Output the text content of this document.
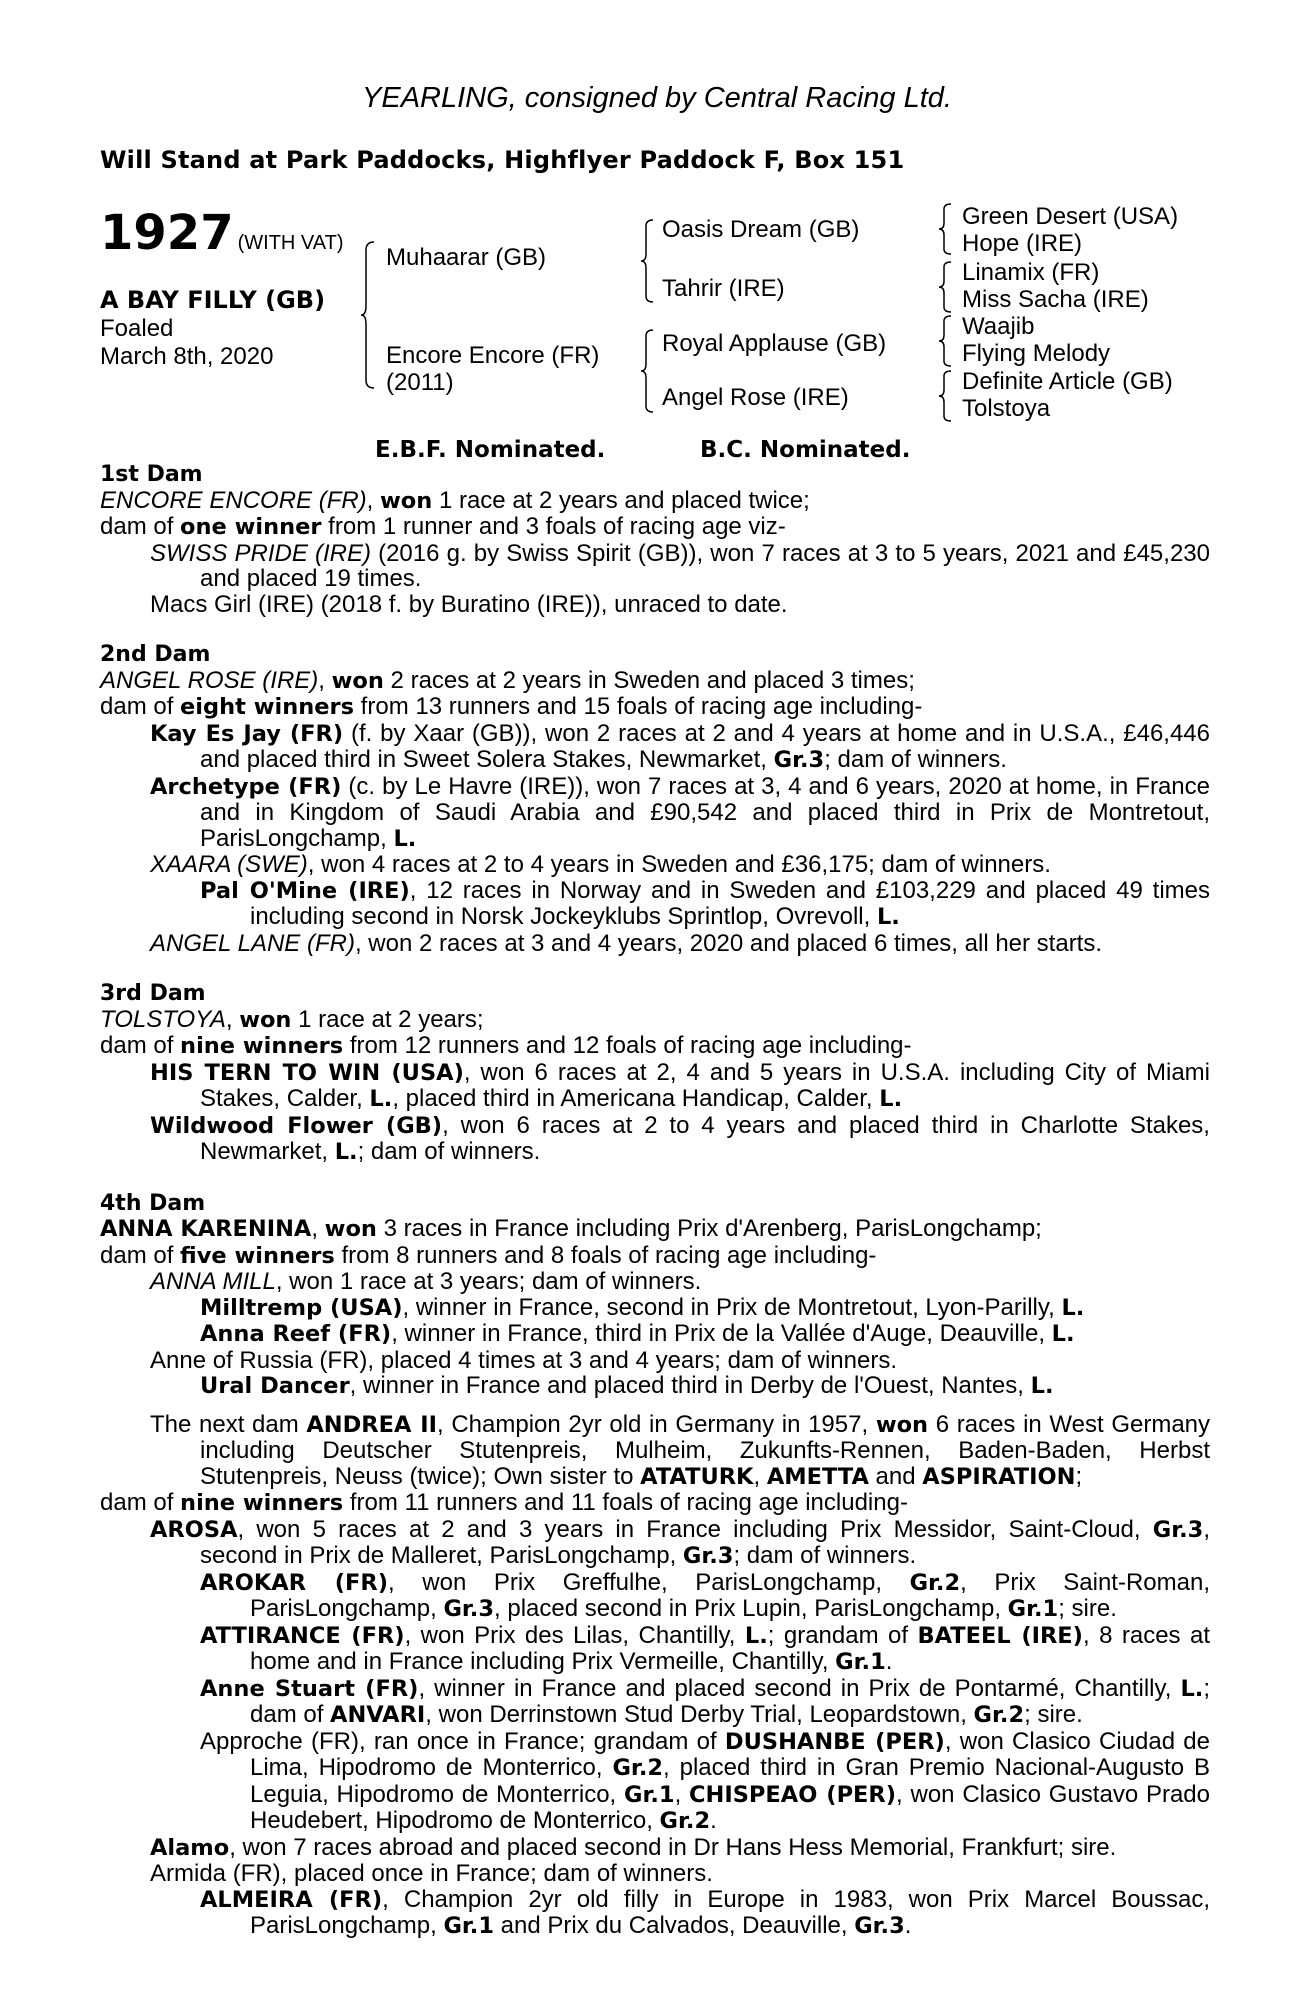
YEARLING, consigned by Central Racing Ltd.
Will Stand at Park Paddocks, Highflyer Paddock F, Box 151
1927 (WITH VAT)
A BAY FILLY (GB)
Foaled
March 8th, 2020
Muhaarar (GB)
Encore Encore (FR)
(2011)
Oasis Dream (GB)
Tahrir (IRE)
Royal Applause (GB)
Angel Rose (IRE)
Green Desert (USA)
Hope (IRE)
Linamix (FR)
Miss Sacha (IRE)
Waajib
Flying Melody
Definite Article (GB)
Tolstoya
E.B.F. Nominated.	B.C. Nominated.
1st Dam
ENCORE ENCORE (FR), won 1 race at 2 years and placed twice;
dam of one winner from 1 runner and 3 foals of racing age viz-
SWISS PRIDE (IRE) (2016 g. by Swiss Spirit (GB)), won 7 races at 3 to 5 years, 2021 and £45,230 and placed 19 times.
Macs Girl (IRE) (2018 f. by Buratino (IRE)), unraced to date.
2nd Dam
ANGEL ROSE (IRE), won 2 races at 2 years in Sweden and placed 3 times;
dam of eight winners from 13 runners and 15 foals of racing age including-
Kay Es Jay (FR) (f. by Xaar (GB)), won 2 races at 2 and 4 years at home and in U.S.A., £46,446 and placed third in Sweet Solera Stakes, Newmarket, Gr.3; dam of winners.
Archetype (FR) (c. by Le Havre (IRE)), won 7 races at 3, 4 and 6 years, 2020 at home, in France and in Kingdom of Saudi Arabia and £90,542 and placed third in Prix de Montretout, ParisLongchamp, L.
XAARA (SWE), won 4 races at 2 to 4 years in Sweden and £36,175; dam of winners.
Pal O'Mine (IRE), 12 races in Norway and in Sweden and £103,229 and placed 49 times including second in Norsk Jockeyklubs Sprintlop, Ovrevoll, L.
ANGEL LANE (FR), won 2 races at 3 and 4 years, 2020 and placed 6 times, all her starts.
3rd Dam
TOLSTOYA, won 1 race at 2 years;
dam of nine winners from 12 runners and 12 foals of racing age including-
HIS TERN TO WIN (USA), won 6 races at 2, 4 and 5 years in U.S.A. including City of Miami Stakes, Calder, L., placed third in Americana Handicap, Calder, L.
Wildwood Flower (GB), won 6 races at 2 to 4 years and placed third in Charlotte Stakes, Newmarket, L.; dam of winners.
4th Dam
ANNA KARENINA, won 3 races in France including Prix d'Arenberg, ParisLongchamp;
dam of five winners from 8 runners and 8 foals of racing age including-
ANNA MILL, won 1 race at 3 years; dam of winners.
Milltremp (USA), winner in France, second in Prix de Montretout, Lyon-Parilly, L.
Anna Reef (FR), winner in France, third in Prix de la Vallée d'Auge, Deauville, L.
Anne of Russia (FR), placed 4 times at 3 and 4 years; dam of winners.
Ural Dancer, winner in France and placed third in Derby de l'Ouest, Nantes, L.
The next dam ANDREA II, Champion 2yr old in Germany in 1957, won 6 races in West Germany including Deutscher Stutenpreis, Mulheim, Zukunfts-Rennen, Baden-Baden, Herbst Stutenpreis, Neuss (twice); Own sister to ATATURK, AMETTA and ASPIRATION;
dam of nine winners from 11 runners and 11 foals of racing age including-
AROSA, won 5 races at 2 and 3 years in France including Prix Messidor, Saint-Cloud, Gr.3, second in Prix de Malleret, ParisLongchamp, Gr.3; dam of winners.
AROKAR (FR), won Prix Greffulhe, ParisLongchamp, Gr.2, Prix Saint-Roman, ParisLongchamp, Gr.3, placed second in Prix Lupin, ParisLongchamp, Gr.1; sire.
ATTIRANCE (FR), won Prix des Lilas, Chantilly, L.; grandam of BATEEL (IRE), 8 races at home and in France including Prix Vermeille, Chantilly, Gr.1.
Anne Stuart (FR), winner in France and placed second in Prix de Pontarmé, Chantilly, L.; dam of ANVARI, won Derrinstown Stud Derby Trial, Leopardstown, Gr.2; sire.
Approche (FR), ran once in France; grandam of DUSHANBE (PER), won Clasico Ciudad de Lima, Hipodromo de Monterrico, Gr.2, placed third in Gran Premio Nacional-Augusto B Leguia, Hipodromo de Monterrico, Gr.1, CHISPEAO (PER), won Clasico Gustavo Prado Heudebert, Hipodromo de Monterrico, Gr.2.
Alamo, won 7 races abroad and placed second in Dr Hans Hess Memorial, Frankfurt; sire.
Armida (FR), placed once in France; dam of winners.
ALMEIRA (FR), Champion 2yr old filly in Europe in 1983, won Prix Marcel Boussac, ParisLongchamp, Gr.1 and Prix du Calvados, Deauville, Gr.3.
